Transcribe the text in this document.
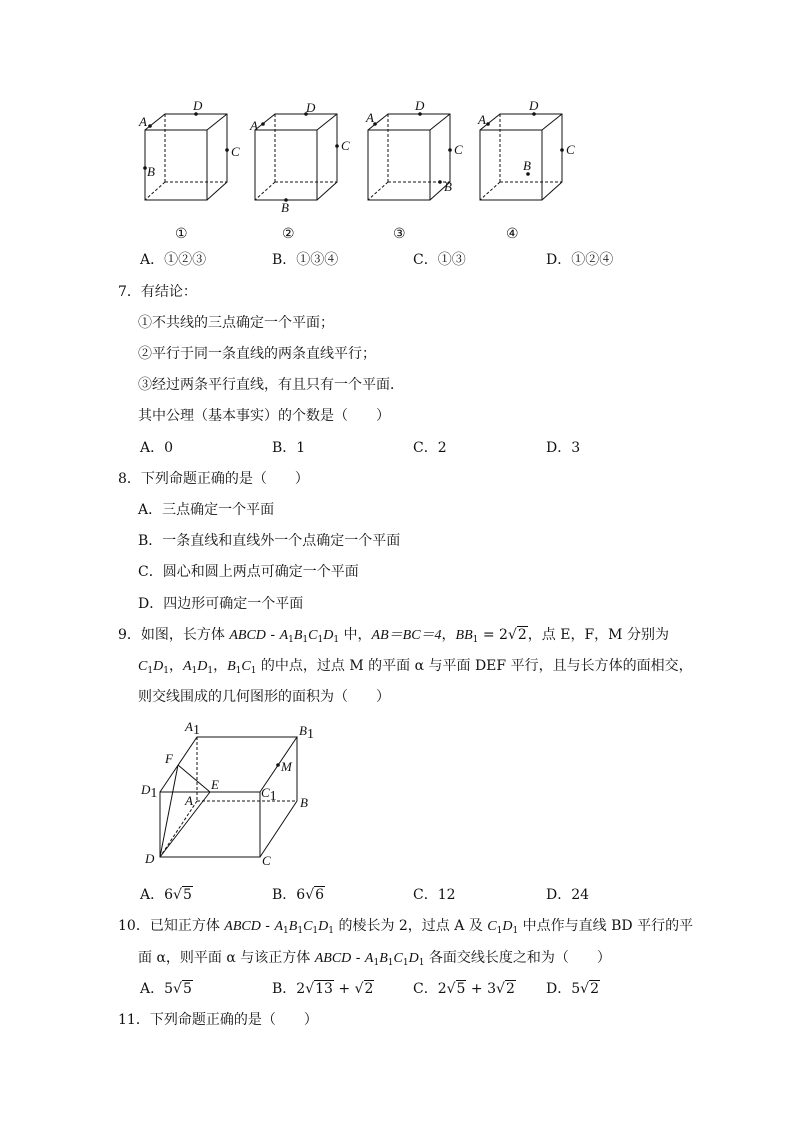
A
D
C
B
①
A
D
C
B
②
A
D
C
B
③
A
D
C
B
④
A．①②③	B．①③④	C．①③	D．①②④
7．有结论：
①不共线的三点确定一个平面；
②平行于同一条直线的两条直线平行；
③经过两条平行直线，有且只有一个平面．
其中公理（基本事实）的个数是（　　）
A．0	B．1	C．2	D．3
8．下列命题正确的是（　　）
A．三点确定一个平面
B．一条直线和直线外一个点确定一个平面
C．圆心和圆上两点可确定一个平面
D．四边形可确定一个平面
9．如图，长方体 ABCD - $A_1B_1C_1D_1$ 中，AB＝BC＝4，$BB_1 = 2√2$，点 E，F，M 分别为
$C_1D_1$，$A_1D_1$，$B_1C_1$ 的中点，过点 M 的平面 α 与平面 DEF 平行，且与长方体的面相交，
则交线围成的几何图形的面积为（　　）
A1	B1
F
M
D1
E
C1
A	B
D	C
A．6√5	B．6√6	C．12	D．24
10．已知正方体 ABCD - $A_1B_1C_1D_1$ 的棱长为 2，过点 A 及 $C_1D_1$ 中点作与直线 BD 平行的平
面 α，则平面 α 与该正方体 ABCD - $A_1B_1C_1D_1$ 各面交线长度之和为（　　）
A．5√5	B．2√13 + √2	C．2√5 + 3√2 D．5√2
11．下列命题正确的是（　　）
